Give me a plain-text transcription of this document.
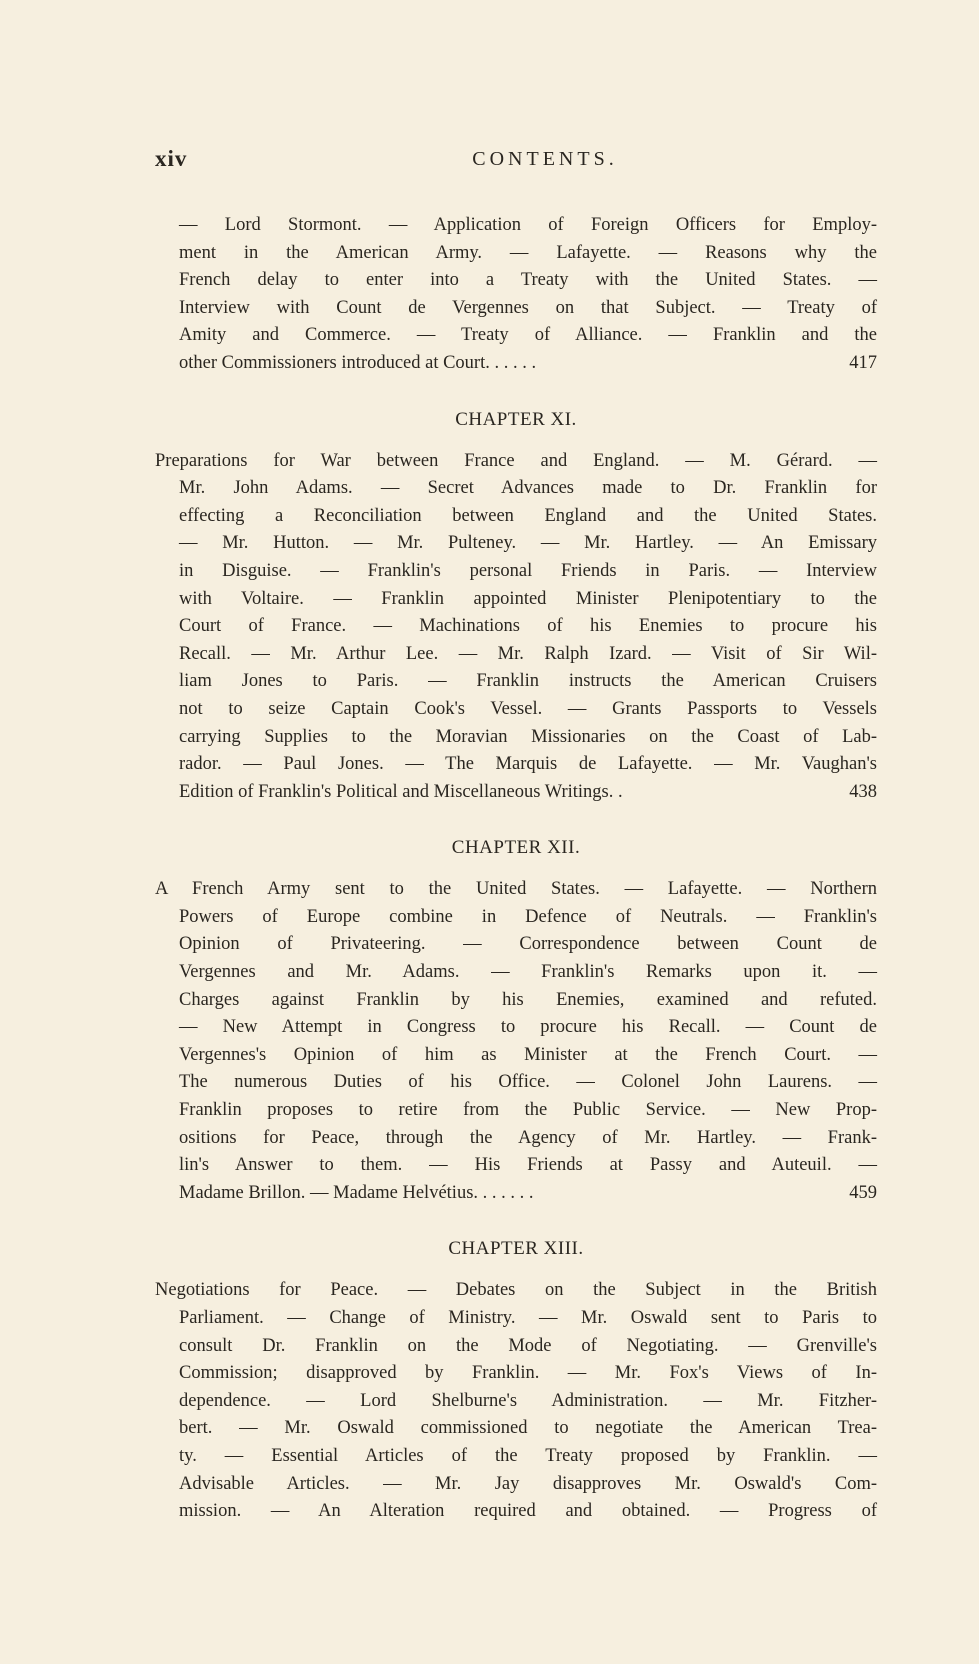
xiv	CONTENTS.
— Lord Stormont. — Application of Foreign Officers for Employ-
ment in the American Army. — Lafayette. — Reasons why the
French delay to enter into a Treaty with the United States. —
Interview with Count de Vergennes on that Subject. — Treaty of
Amity and Commerce. — Treaty of Alliance. — Franklin and the
other Commissioners introduced at Court. . . . . .	417
CHAPTER XI.
Preparations for War between France and England. — M. Gérard. —
Mr. John Adams. — Secret Advances made to Dr. Franklin for
effecting a Reconciliation between England and the United States.
— Mr. Hutton. — Mr. Pulteney. — Mr. Hartley. — An Emissary
in Disguise. — Franklin's personal Friends in Paris. — Interview
with Voltaire. — Franklin appointed Minister Plenipotentiary to the
Court of France. — Machinations of his Enemies to procure his
Recall. — Mr. Arthur Lee. — Mr. Ralph Izard. — Visit of Sir Wil-
liam Jones to Paris. — Franklin instructs the American Cruisers
not to seize Captain Cook's Vessel. — Grants Passports to Vessels
carrying Supplies to the Moravian Missionaries on the Coast of Lab-
rador. — Paul Jones. — The Marquis de Lafayette. — Mr. Vaughan's
Edition of Franklin's Political and Miscellaneous Writings. .	438
CHAPTER XII.
A French Army sent to the United States. — Lafayette. — Northern
Powers of Europe combine in Defence of Neutrals. — Franklin's
Opinion of Privateering. — Correspondence between Count de
Vergennes and Mr. Adams. — Franklin's Remarks upon it. —
Charges against Franklin by his Enemies, examined and refuted.
— New Attempt in Congress to procure his Recall. — Count de
Vergennes's Opinion of him as Minister at the French Court. —
The numerous Duties of his Office. — Colonel John Laurens. —
Franklin proposes to retire from the Public Service. — New Prop-
ositions for Peace, through the Agency of Mr. Hartley. — Frank-
lin's Answer to them. — His Friends at Passy and Auteuil. —
Madame Brillon. — Madame Helvétius. . . . . . .	459
CHAPTER XIII.
Negotiations for Peace. — Debates on the Subject in the British
Parliament. — Change of Ministry. — Mr. Oswald sent to Paris to
consult Dr. Franklin on the Mode of Negotiating. — Grenville's
Commission; disapproved by Franklin. — Mr. Fox's Views of In-
dependence. — Lord Shelburne's Administration. — Mr. Fitzher-
bert. — Mr. Oswald commissioned to negotiate the American Trea-
ty. — Essential Articles of the Treaty proposed by Franklin. —
Advisable Articles. — Mr. Jay disapproves Mr. Oswald's Com-
mission. — An Alteration required and obtained. — Progress of
